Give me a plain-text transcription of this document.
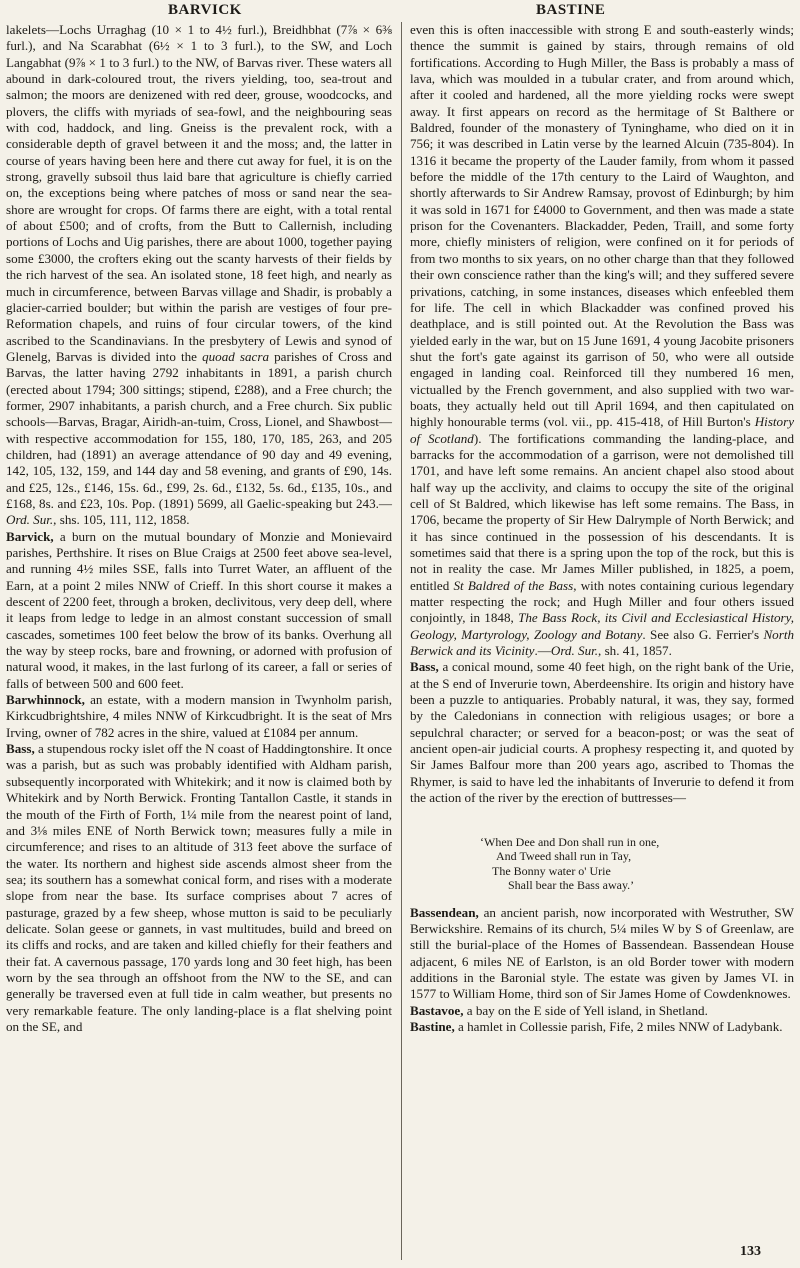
BARVICK	BASTINE

lakelets—Lochs Urraghag (10 × 1 to 4½ furl.), Breidhbhat (7⅞ × 6⅜ furl.), and Na Scarabhat (6½ × 1 to 3 furl.), to the SW, and Loch Langabhat (9⅞ × 1 to 3 furl.) to the NW, of Barvas river. These waters all abound in dark-coloured trout, the rivers yielding, too, sea-trout and salmon; the moors are denizened with red deer, grouse, woodcocks, and plovers, the cliffs with myriads of sea-fowl, and the neighbouring seas with cod, haddock, and ling. Gneiss is the prevalent rock, with a considerable depth of gravel between it and the moss; and, the latter in course of years having been here and there cut away for fuel, it is on the strong, gravelly subsoil thus laid bare that agriculture is chiefly carried on, the exceptions being where patches of moss or sand near the sea-shore are wrought for crops. Of farms there are eight, with a total rental of about £500; and of crofts, from the Butt to Callernish, including portions of Lochs and Uig parishes, there are about 1000, together paying some £3000, the crofters eking out the scanty harvests of their fields by the rich harvest of the sea. An isolated stone, 18 feet high, and nearly as much in circumference, between Barvas village and Shadir, is probably a glacier-carried boulder; but within the parish are vestiges of four pre-Reformation chapels, and ruins of four circular towers, of the kind ascribed to the Scandinavians. In the presbytery of Lewis and synod of Glenelg, Barvas is divided into the quoad sacra parishes of Cross and Barvas, the latter having 2792 inhabitants in 1891, a parish church (erected about 1794; 300 sittings; stipend, £288), and a Free church; the former, 2907 inhabitants, a parish church, and a Free church. Six public schools—Barvas, Bragar, Airidh-an-tuim, Cross, Lionel, and Shawbost—with respective accommodation for 155, 180, 170, 185, 263, and 205 children, had (1891) an average attendance of 90 day and 49 evening, 142, 105, 132, 159, and 144 day and 58 evening, and grants of £90, 14s. and £25, 12s., £146, 15s. 6d., £99, 2s. 6d., £132, 5s. 6d., £135, 10s., and £168, 8s. and £23, 10s. Pop. (1891) 5699, all Gaelic-speaking but 243.—Ord. Sur., shs. 105, 111, 112, 1858.

Barvick, a burn on the mutual boundary of Monzie and Monievaird parishes, Perthshire. It rises on Blue Craigs at 2500 feet above sea-level, and running 4½ miles SSE, falls into Turret Water, an affluent of the Earn, at a point 2 miles NNW of Crieff. In this short course it makes a descent of 2200 feet, through a broken, declivitous, very deep dell, where it leaps from ledge to ledge in an almost constant succession of small cascades, sometimes 100 feet below the brow of its banks. Overhung all the way by steep rocks, bare and frowning, or adorned with profusion of natural wood, it makes, in the last furlong of its career, a fall or series of falls of between 500 and 600 feet.

Barwhinnock, an estate, with a modern mansion in Twynholm parish, Kirkcudbrightshire, 4 miles NNW of Kirkcudbright. It is the seat of Mrs Irving, owner of 782 acres in the shire, valued at £1084 per annum.

Bass, a stupendous rocky islet off the N coast of Haddingtonshire. It once was a parish, but as such was probably identified with Aldham parish, subsequently incorporated with Whitekirk; and it now is claimed both by Whitekirk and by North Berwick. Fronting Tantallon Castle, it stands in the mouth of the Firth of Forth, 1¼ mile from the nearest point of land, and 3⅛ miles ENE of North Berwick town; measures fully a mile in circumference; and rises to an altitude of 313 feet above the surface of the water. Its northern and highest side ascends almost sheer from the sea; its southern has a somewhat conical form, and rises with a moderate slope from near the base. Its surface comprises about 7 acres of pasturage, grazed by a few sheep, whose mutton is said to be peculiarly delicate. Solan geese or gannets, in vast multitudes, build and breed on its cliffs and rocks, and are taken and killed chiefly for their feathers and their fat. A cavernous passage, 170 yards long and 30 feet high, has been worn by the sea through an offshoot from the NW to the SE, and can generally be traversed even at full tide in calm weather, but presents no very remarkable feature. The only landing-place is a flat shelving point on the SE, and

even this is often inaccessible with strong E and south-easterly winds; thence the summit is gained by stairs, through remains of old fortifications. According to Hugh Miller, the Bass is probably a mass of lava, which was moulded in a tubular crater, and from around which, after it cooled and hardened, all the more yielding rocks were swept away. It first appears on record as the hermitage of St Balthere or Baldred, founder of the monastery of Tyninghame, who died on it in 756; it was described in Latin verse by the learned Alcuin (735-804). In 1316 it became the property of the Lauder family, from whom it passed before the middle of the 17th century to the Laird of Waughton, and shortly afterwards to Sir Andrew Ramsay, provost of Edinburgh; by him it was sold in 1671 for £4000 to Government, and then was made a state prison for the Covenanters. Blackadder, Peden, Traill, and some forty more, chiefly ministers of religion, were confined on it for periods of from two months to six years, on no other charge than that they followed their own conscience rather than the king's will; and they suffered severe privations, catching, in some instances, diseases which enfeebled them for life. The cell in which Blackadder was confined proved his deathplace, and is still pointed out. At the Revolution the Bass was yielded early in the war, but on 15 June 1691, 4 young Jacobite prisoners shut the fort's gate against its garrison of 50, who were all outside engaged in landing coal. Reinforced till they numbered 16 men, victualled by the French government, and also supplied with two war-boats, they actually held out till April 1694, and then capitulated on highly honourable terms (vol. vii., pp. 415-418, of Hill Burton's History of Scotland). The fortifications commanding the landing-place, and barracks for the accommodation of a garrison, were not demolished till 1701, and have left some remains. An ancient chapel also stood about half way up the acclivity, and claims to occupy the site of the original cell of St Baldred, which likewise has left some remains. The Bass, in 1706, became the property of Sir Hew Dalrymple of North Berwick; and it has since continued in the possession of his descendants. It is sometimes said that there is a spring upon the top of the rock, but this is not in reality the case. Mr James Miller published, in 1825, a poem, entitled St Baldred of the Bass, with notes containing curious legendary matter respecting the rock; and Hugh Miller and four others issued conjointly, in 1848, The Bass Rock, its Civil and Ecclesiastical History, Geology, Martyrology, Zoology and Botany. See also G. Ferrier's North Berwick and its Vicinity.—Ord. Sur., sh. 41, 1857.

Bass, a conical mound, some 40 feet high, on the right bank of the Urie, at the S end of Inverurie town, Aberdeenshire. Its origin and history have been a puzzle to antiquaries. Probably natural, it was, they say, formed by the Caledonians in connection with religious usages; or bore a sepulchral character; or served for a beacon-post; or was the seat of ancient open-air judicial courts. A prophesy respecting it, and quoted by Sir James Balfour more than 200 years ago, ascribed to Thomas the Rhymer, is said to have led the inhabitants of Inverurie to defend it from the action of the river by the erection of buttresses—

‘When Dee and Don shall run in one,
And Tweed shall run in Tay,
The Bonny water o' Urie
Shall bear the Bass away.’

Bassendean, an ancient parish, now incorporated with Westruther, SW Berwickshire. Remains of its church, 5¼ miles W by S of Greenlaw, are still the burial-place of the Homes of Bassendean. Bassendean House adjacent, 6 miles NE of Earlston, is an old Border tower with modern additions in the Baronial style. The estate was given by James VI. in 1577 to William Home, third son of Sir James Home of Cowdenknowes.

Bastavoe, a bay on the E side of Yell island, in Shetland.

Bastine, a hamlet in Collessie parish, Fife, 2 miles NNW of Ladybank.

133
